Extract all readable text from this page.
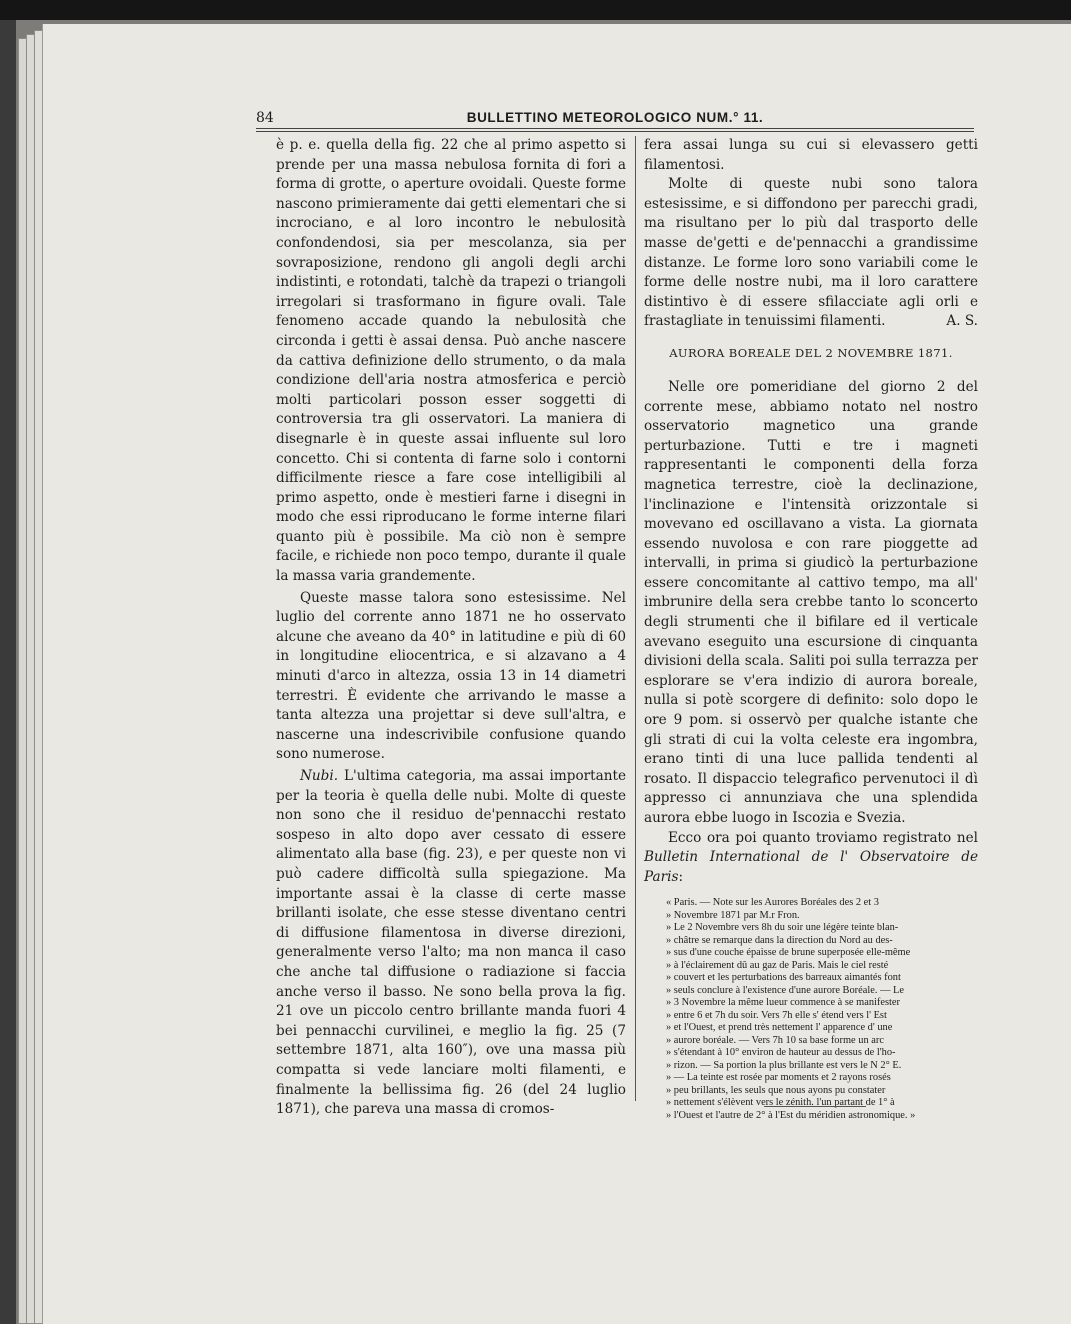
84	BULLETTINO METEOROLOGICO NUM.° 11.

è p. e. quella della fig. 22 che al primo aspetto si prende per una massa nebulosa fornita di fori a forma di grotte, o aperture ovoidali. Queste forme nascono primieramente dai getti elementari che si incrociano, e al loro incontro le nebulosità confondendosi, sia per mescolanza, sia per sovraposizione, rendono gli angoli degli archi indistinti, e rotondati, talchè da trapezi o triangoli irregolari si trasformano in figure ovali. Tale fenomeno accade quando la nebulosità che circonda i getti è assai densa. Può anche nascere da cattiva definizione dello strumento, o da mala condizione dell'aria nostra atmosferica e perciò molti particolari posson esser soggetti di controversia tra gli osservatori. La maniera di disegnarle è in queste assai influente sul loro concetto. Chi si contenta di farne solo i contorni difficilmente riesce a fare cose intelligibili al primo aspetto, onde è mestieri farne i disegni in modo che essi riproducano le forme interne filari quanto più è possibile. Ma ciò non è sempre facile, e richiede non poco tempo, durante il quale la massa varia grandemente.

Queste masse talora sono estesissime. Nel luglio del corrente anno 1871 ne ho osservato alcune che aveano da 40° in latitudine e più di 60 in longitudine eliocentrica, e si alzavano a 4 minuti d'arco in altezza, ossia 13 in 14 diametri terrestri. È evidente che arrivando le masse a tanta altezza una projettar si deve sull'altra, e nascerne una indescrivibile confusione quando sono numerose.

Nubi. L'ultima categoria, ma assai importante per la teoria è quella delle nubi. Molte di queste non sono che il residuo de'pennacchi restato sospeso in alto dopo aver cessato di essere alimentato alla base (fig. 23), e per queste non vi può cadere difficoltà sulla spiegazione. Ma importante assai è la classe di certe masse brillanti isolate, che esse stesse diventano centri di diffusione filamentosa in diverse direzioni, generalmente verso l'alto; ma non manca il caso che anche tal diffusione o radiazione si faccia anche verso il basso. Ne sono bella prova la fig. 21 ove un piccolo centro brillante manda fuori 4 bei pennacchi curvilinei, e meglio la fig. 25 (7 settembre 1871, alta 160″), ove una massa più compatta si vede lanciare molti filamenti, e finalmente la bellissima fig. 26 (del 24 luglio 1871), che pareva una massa di cromos-

fera assai lunga su cui si elevassero getti filamentosi.

Molte di queste nubi sono talora estesissime, e si diffondono per parecchi gradi, ma risultano per lo più dal trasporto delle masse de'getti e de'pennacchi a grandissime distanze. Le forme loro sono variabili come le forme delle nostre nubi, ma il loro carattere distintivo è di essere sfilacciate agli orli e frastagliate in tenuissimi filamenti.	A. S.

AURORA BOREALE DEL 2 NOVEMBRE 1871.

Nelle ore pomeridiane del giorno 2 del corrente mese, abbiamo notato nel nostro osservatorio magnetico una grande perturbazione. Tutti e tre i magneti rappresentanti le componenti della forza magnetica terrestre, cioè la declinazione, l'inclinazione e l'intensità orizzontale si movevano ed oscillavano a vista. La giornata essendo nuvolosa e con rare pioggette ad intervalli, in prima si giudicò la perturbazione essere concomitante al cattivo tempo, ma all' imbrunire della sera crebbe tanto lo sconcerto degli strumenti che il bifilare ed il verticale avevano eseguito una escursione di cinquanta divisioni della scala. Saliti poi sulla terrazza per esplorare se v'era indizio di aurora boreale, nulla si potè scorgere di definito: solo dopo le ore 9 pom. si osservò per qualche istante che gli strati di cui la volta celeste era ingombra, erano tinti di una luce pallida tendenti al rosato. Il dispaccio telegrafico pervenutoci il dì appresso ci annunziava che una splendida aurora ebbe luogo in Iscozia e Svezia.

Ecco ora poi quanto troviamo registrato nel Bulletin International de l' Observatoire de Paris:

« Paris. — Note sur les Aurores Boréales des 2 et 3
» Novembre 1871 par M.r Fron.
» Le 2 Novembre vers 8h du soir une légère teinte blan-
» châtre se remarque dans la direction du Nord au des-
» sus d'une couche épaisse de brune superposée elle-même
» à l'éclairement dû au gaz de Paris. Mais le ciel resté
» couvert et les perturbations des barreaux aimantés font
» seuls conclure à l'existence d'une aurore Boréale. — Le
» 3 Novembre la même lueur commence à se manifester
» entre 6 et 7h du soir. Vers 7h elle s' étend vers l' Est
» et l'Ouest, et prend très nettement l' apparence d' une
» aurore boréale. — Vers 7h 10 sa base forme un arc
» s'étendant à 10° environ de hauteur au dessus de l'ho-
» rizon. — Sa portion la plus brillante est vers le N 2° E.
» — La teinte est rosée par moments et 2 rayons rosés
» peu brillants, les seuls que nous ayons pu constater
» nettement s'élèvent vers le zénith. l'un partant de 1° à
» l'Ouest et l'autre de 2° à l'Est du méridien astronomique. »
